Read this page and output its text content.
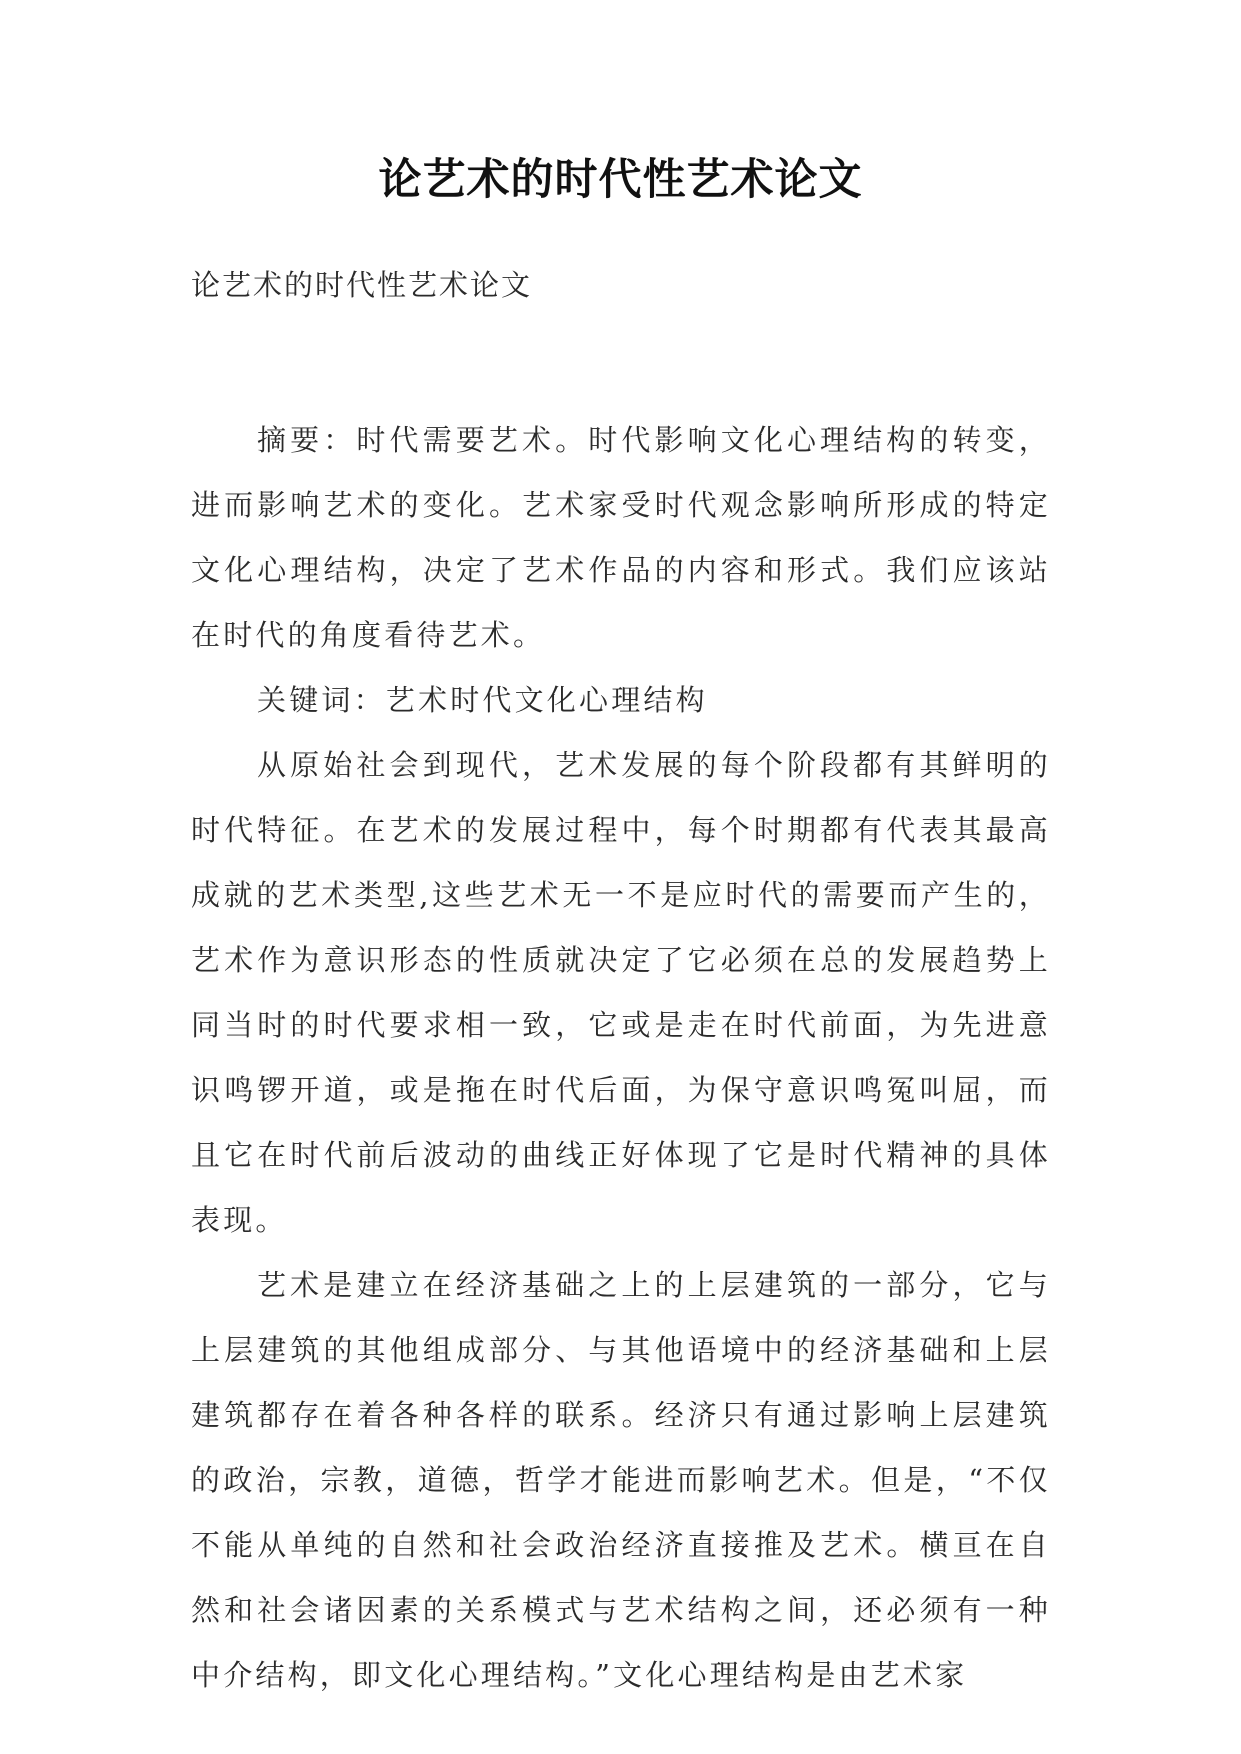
论艺术的时代性艺术论文
论艺术的时代性艺术论文

摘要：时代需要艺术。时代影响文化心理结构的转变，进而影响艺术的变化。艺术家受时代观念影响所形成的特定文化心理结构，决定了艺术作品的内容和形式。我们应该站在时代的角度看待艺术。

关键词：艺术时代文化心理结构

从原始社会到现代，艺术发展的每个阶段都有其鲜明的时代特征。在艺术的发展过程中，每个时期都有代表其最高成就的艺术类型,这些艺术无一不是应时代的需要而产生的，艺术作为意识形态的性质就决定了它必须在总的发展趋势上同当时的时代要求相一致，它或是走在时代前面，为先进意识鸣锣开道，或是拖在时代后面，为保守意识鸣冤叫屈，而且它在时代前后波动的曲线正好体现了它是时代精神的具体表现。

艺术是建立在经济基础之上的上层建筑的一部分，它与上层建筑的其他组成部分、与其他语境中的经济基础和上层建筑都存在着各种各样的联系。经济只有通过影响上层建筑的政治，宗教，道德，哲学才能进而影响艺术。但是，“不仅不能从单纯的自然和社会政治经济直接推及艺术。横亘在自然和社会诸因素的关系模式与艺术结构之间，还必须有一种中介结构，即文化心理结构。”文化心理结构是由艺术家
